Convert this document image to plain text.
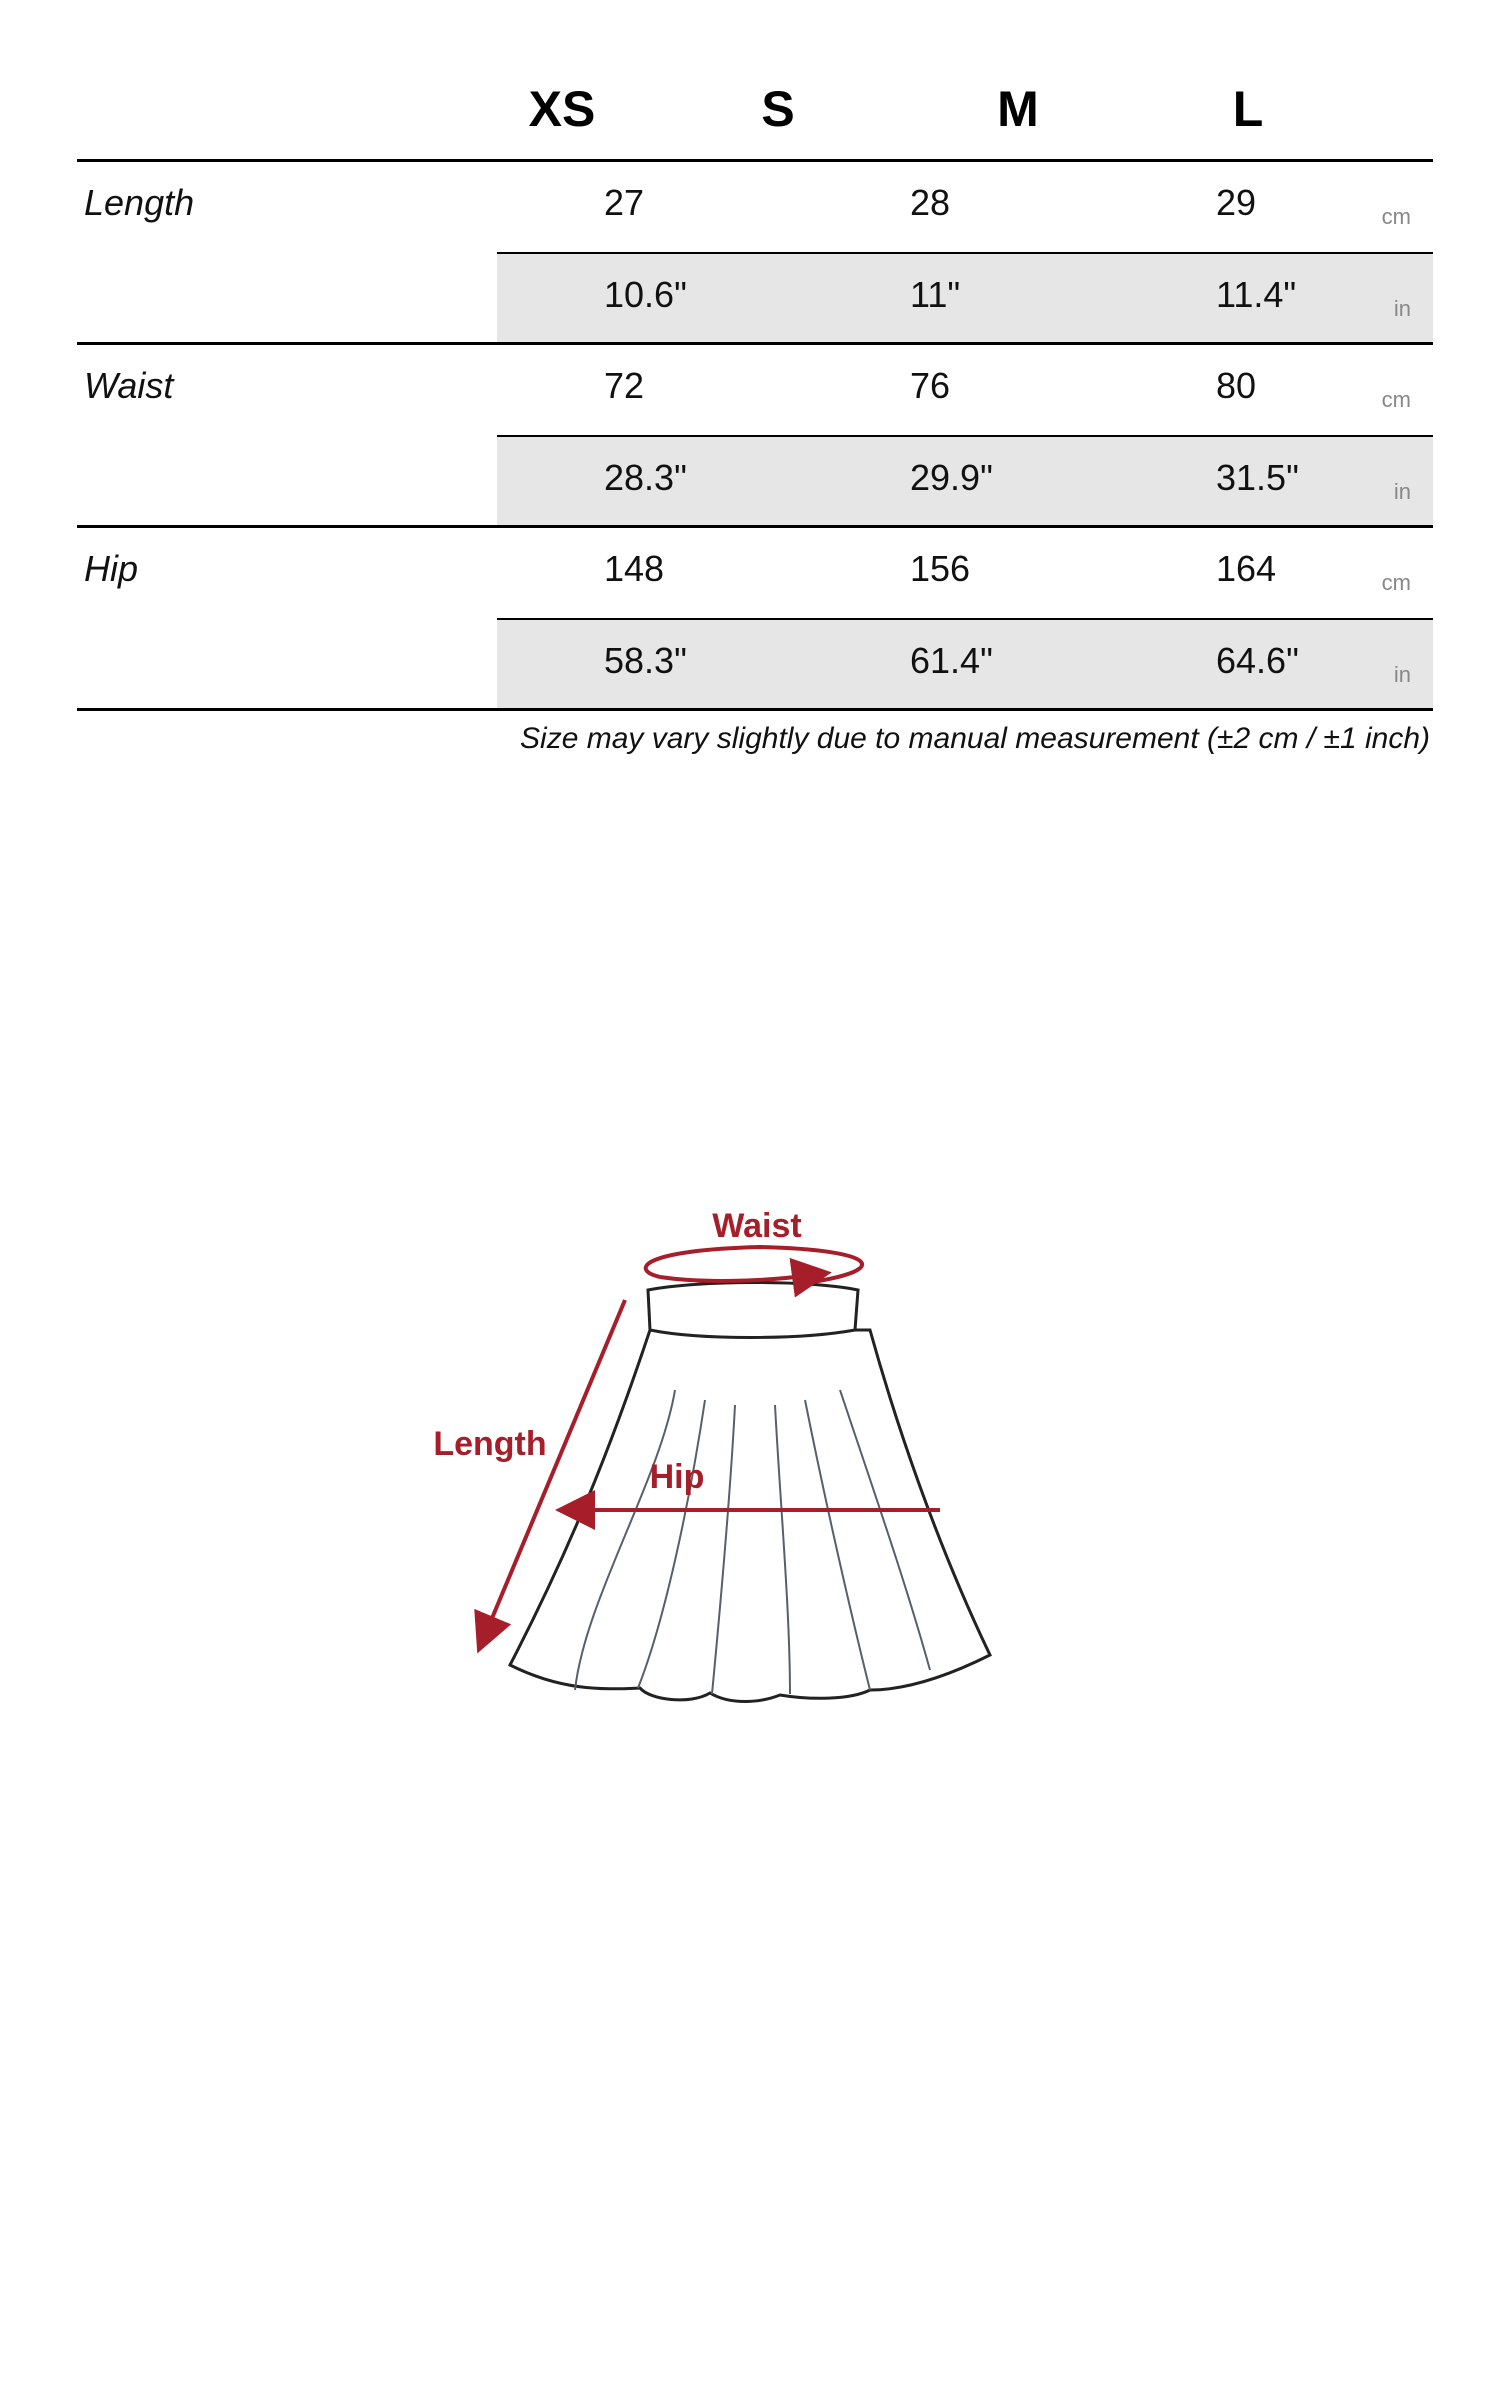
XS	S	M	L
Length	27	28	29	cm
10.6"	11"	11.4"	in
Waist	72	76	80	cm
28.3"	29.9"	31.5"	in
Hip	148	156	164	cm
58.3"	61.4"	64.6"	in
Size may vary slightly due to manual measurement (±2 cm / ±1 inch)
Waist
Length
Hip
